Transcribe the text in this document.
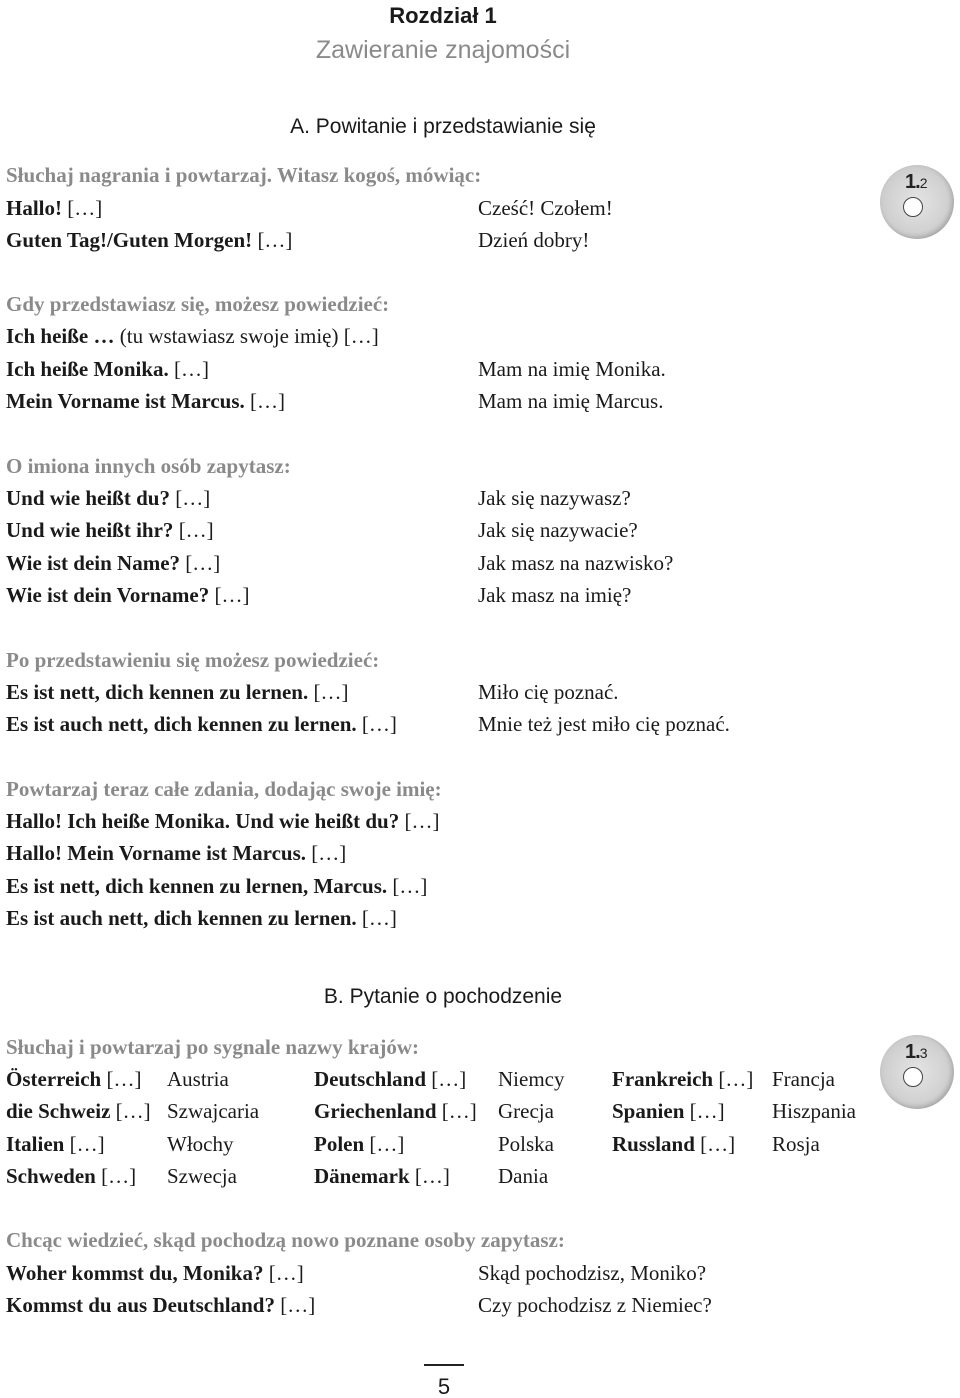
Rozdział 1
Zawieranie znajomości
A. Powitanie i przedstawianie się
1.2
Słuchaj nagrania i powtarzaj. Witasz kogoś, mówiąc:
Hallo! […]	Cześć! Czołem!
Guten Tag!/Guten Morgen! […]	Dzień dobry!
Gdy przedstawiasz się, możesz powiedzieć:
Ich heiße … (tu wstawiasz swoje imię) […]
Ich heiße Monika. […]	Mam na imię Monika.
Mein Vorname ist Marcus. […]	Mam na imię Marcus.
O imiona innych osób zapytasz:
Und wie heißt du? […]	Jak się nazywasz?
Und wie heißt ihr? […]	Jak się nazywacie?
Wie ist dein Name? […]	Jak masz na nazwisko?
Wie ist dein Vorname? […]	Jak masz na imię?
Po przedstawieniu się możesz powiedzieć:
Es ist nett, dich kennen zu lernen. […]	Miło cię poznać.
Es ist auch nett, dich kennen zu lernen. […]	Mnie też jest miło cię poznać.
Powtarzaj teraz całe zdania, dodając swoje imię:
Hallo! Ich heiße Monika. Und wie heißt du? […]
Hallo! Mein Vorname ist Marcus. […]
Es ist nett, dich kennen zu lernen, Marcus. […]
Es ist auch nett, dich kennen zu lernen. […]
B. Pytanie o pochodzenie
1.3
Słuchaj i powtarzaj po sygnale nazwy krajów:
Österreich […] Austria	Deutschland […] Niemcy Frankreich […] Francja
die Schweiz […] Szwajcaria	Griechenland […] Grecja	Spanien […] Hiszpania
Italien […]	Włochy	Polen […]	Polska	Russland […] Rosja
Schweden […] Szwecja	Dänemark […] Dania
Chcąc wiedzieć, skąd pochodzą nowo poznane osoby zapytasz:
Woher kommst du, Monika? […]	Skąd pochodzisz, Moniko?
Kommst du aus Deutschland? […]	Czy pochodzisz z Niemiec?
5
